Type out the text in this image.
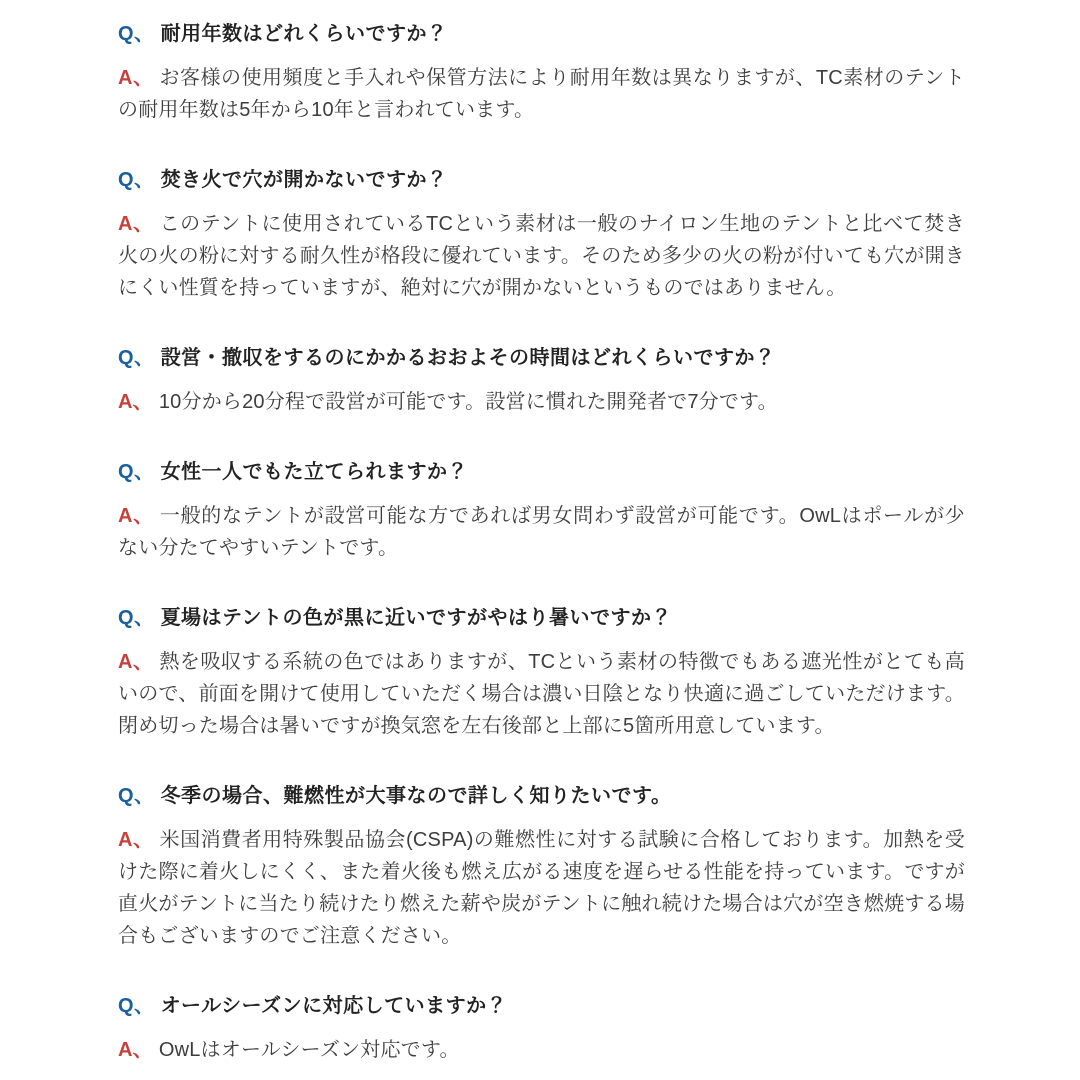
Q、 耐用年数はどれくらいですか？

A、 お客様の使用頻度と手入れや保管方法により耐用年数は異なりますが、TC素材のテントの耐用年数は5年から10年と言われています。

Q、 焚き火で穴が開かないですか？

A、 このテントに使用されているTCという素材は一般のナイロン生地のテントと比べて焚き火の火の粉に対する耐久性が格段に優れています。そのため多少の火の粉が付いても穴が開きにくい性質を持っていますが、絶対に穴が開かないというものではありません。

Q、 設営・撤収をするのにかかるおおよその時間はどれくらいですか？

A、 10分から20分程で設営が可能です。設営に慣れた開発者で7分です。

Q、 女性一人でもた立てられますか？

A、 一般的なテントが設営可能な方であれば男女問わず設営が可能です。OwLはポールが少ない分たてやすいテントです。

Q、 夏場はテントの色が黒に近いですがやはり暑いですか？

A、 熱を吸収する系統の色ではありますが、TCという素材の特徴でもある遮光性がとても高いので、前面を開けて使用していただく場合は濃い日陰となり快適に過ごしていただけます。閉め切った場合は暑いですが換気窓を左右後部と上部に5箇所用意しています。

Q、 冬季の場合、難燃性が大事なので詳しく知りたいです。

A、 米国消費者用特殊製品協会(CSPA)の難燃性に対する試験に合格しております。加熱を受けた際に着火しにくく、また着火後も燃え広がる速度を遅らせる性能を持っています。ですが直火がテントに当たり続けたり燃えた薪や炭がテントに触れ続けた場合は穴が空き燃焼する場合もございますのでご注意ください。

Q、 オールシーズンに対応していますか？

A、 OwLはオールシーズン対応です。
